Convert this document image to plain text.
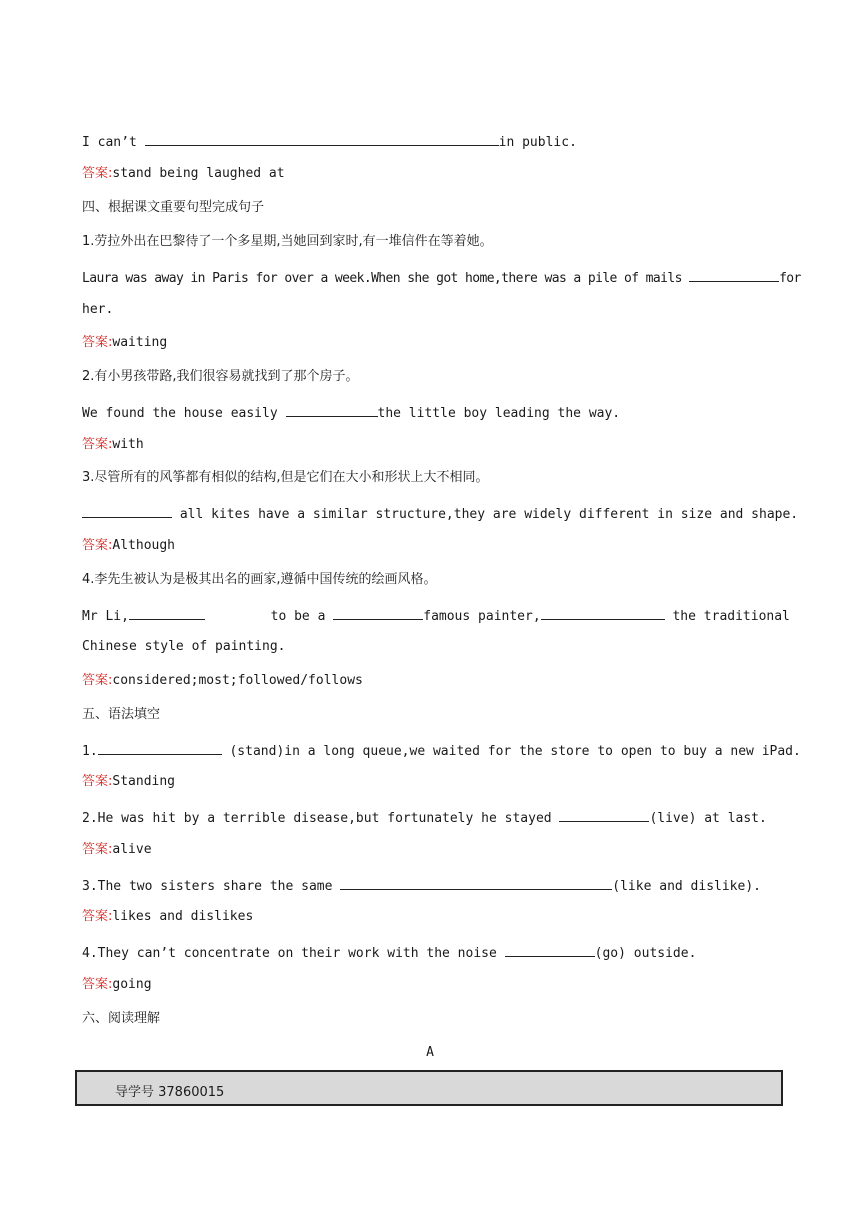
I can’t	in public.
答案:stand being laughed at
四、根据课文重要句型完成句子
1.劳拉外出在巴黎待了一个多星期,当她回到家时,有一堆信件在等着她。
Laura was away in Paris for over a week.When she got home,there was a pile of mails	for
her.
答案:waiting
2.有小男孩带路,我们很容易就找到了那个房子。
We found the house easily	the little boy leading the way.
答案:with
3.尽管所有的风筝都有相似的结构,但是它们在大小和形状上大不相同。
all kites have a similar structure,they are widely different in size and shape.
答案:Although
4.李先生被认为是极其出名的画家,遵循中国传统的绘画风格。
Mr Li,	to be a	famous painter,	the traditional
Chinese style of painting.
答案:considered;most;followed/follows
五、语法填空
1.	(stand)in a long queue,we waited for the store to open to buy a new iPad.
答案:Standing
2.He was hit by a terrible disease,but fortunately he stayed	(live) at last.
答案:alive
3.The two sisters share the same	(like and dislike).
答案:likes and dislikes
4.They can’t concentrate on their work with the noise	(go) outside.
答案:going
六、阅读理解
A
导学号 37860015
